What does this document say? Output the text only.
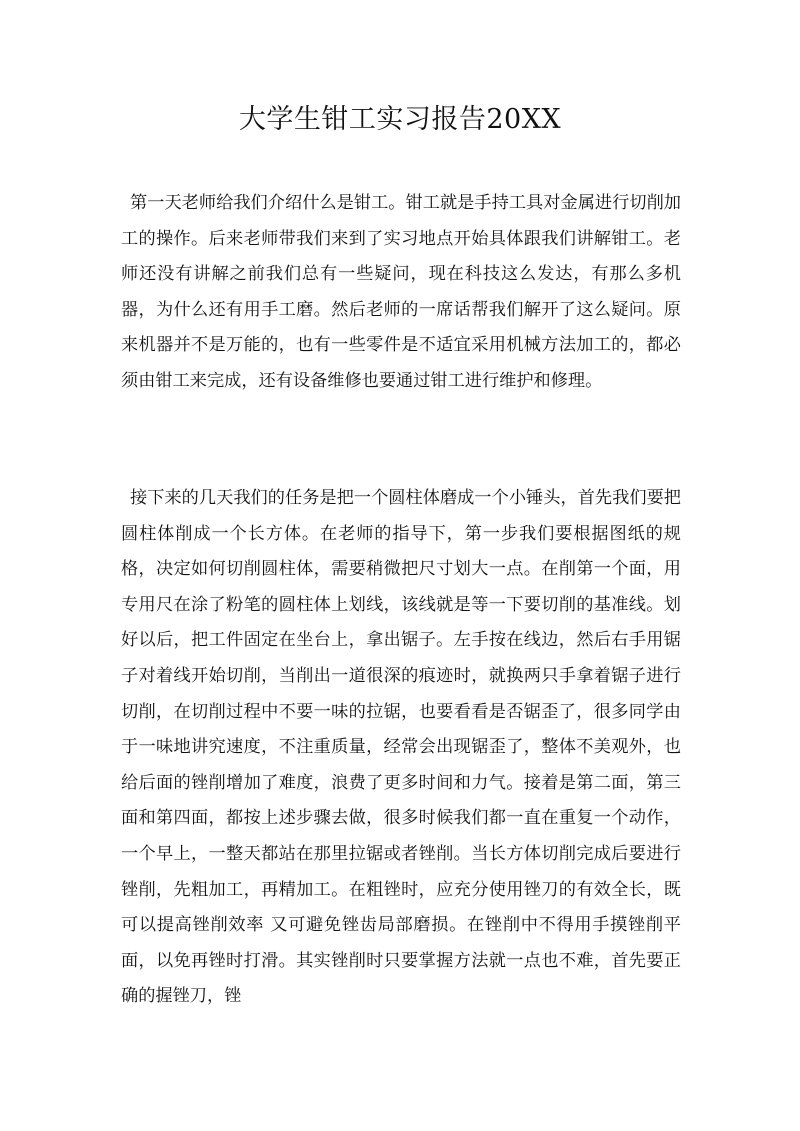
大学生钳工实习报告20XX

第一天老师给我们介绍什么是钳工。钳工就是手持工具对金属进行切削加工的操作。后来老师带我们来到了实习地点开始具体跟我们讲解钳工。老师还没有讲解之前我们总有一些疑问，现在科技这么发达，有那么多机器，为什么还有用手工磨。然后老师的一席话帮我们解开了这么疑问。原来机器并不是万能的，也有一些零件是不适宜采用机械方法加工的，都必须由钳工来完成，还有设备维修也要通过钳工进行维护和修理。

接下来的几天我们的任务是把一个圆柱体磨成一个小锤头，首先我们要把圆柱体削成一个长方体。在老师的指导下，第一步我们要根据图纸的规格，决定如何切削圆柱体，需要稍微把尺寸划大一点。在削第一个面，用专用尺在涂了粉笔的圆柱体上划线，该线就是等一下要切削的基准线。划好以后，把工件固定在坐台上，拿出锯子。左手按在线边，然后右手用锯子对着线开始切削，当削出一道很深的痕迹时，就换两只手拿着锯子进行切削，在切削过程中不要一味的拉锯，也要看看是否锯歪了，很多同学由于一味地讲究速度，不注重质量，经常会出现锯歪了，整体不美观外，也给后面的锉削增加了难度，浪费了更多时间和力气。接着是第二面，第三面和第四面，都按上述步骤去做，很多时候我们都一直在重复一个动作，一个早上，一整天都站在那里拉锯或者锉削。当长方体切削完成后要进行锉削，先粗加工，再精加工。在粗锉时，应充分使用锉刀的有效全长，既可以提高锉削效率 又可避免锉齿局部磨损。在锉削中不得用手摸锉削平面，以免再锉时打滑。其实锉削时只要掌握方法就一点也不难，首先要正确的握锉刀，锉
